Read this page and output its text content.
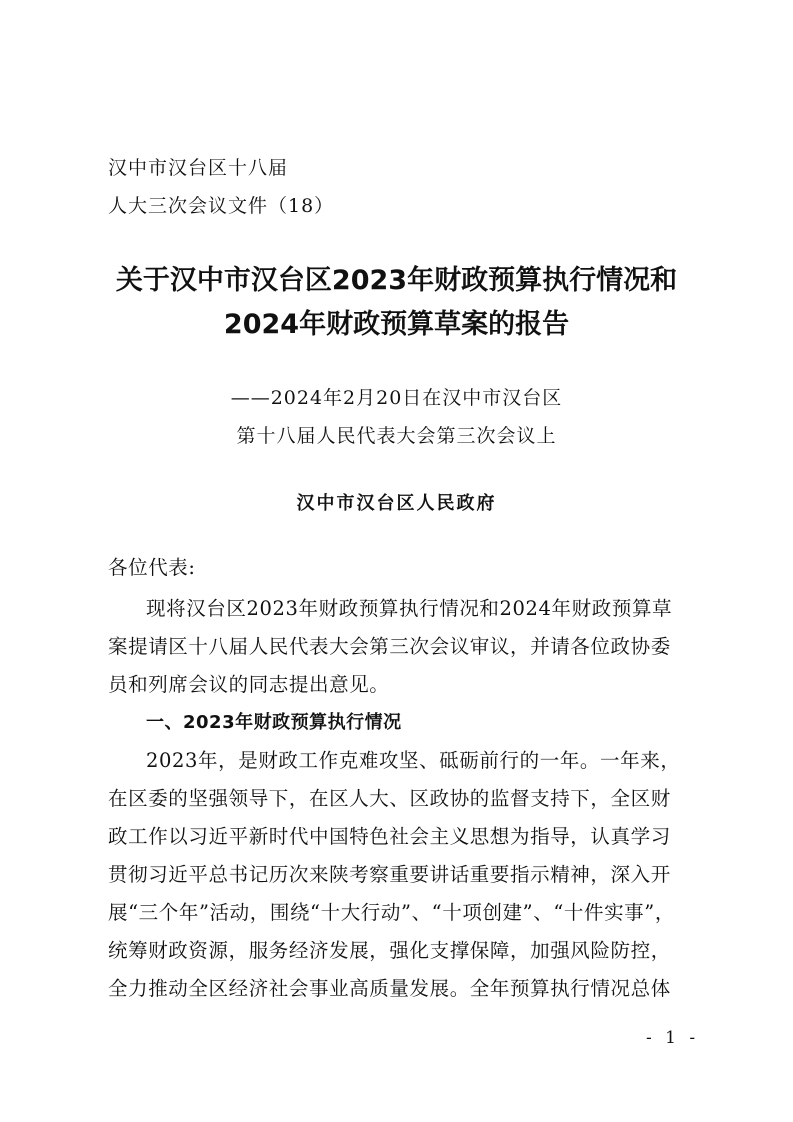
汉中市汉台区十八届
人大三次会议文件（18）
关于汉中市汉台区2023年财政预算执行情况和
2024年财政预算草案的报告
——2024年2月20日在汉中市汉台区
第十八届人民代表大会第三次会议上
汉中市汉台区人民政府
各位代表:
现将汉台区2023年财政预算执行情况和2024年财政预算草
案提请区十八届人民代表大会第三次会议审议，并请各位政协委
员和列席会议的同志提出意见。
一、2023年财政预算执行情况
2023年，是财政工作克难攻坚、砥砺前行的一年。一年来，
在区委的坚强领导下，在区人大、区政协的监督支持下，全区财
政工作以习近平新时代中国特色社会主义思想为指导，认真学习
贯彻习近平总书记历次来陕考察重要讲话重要指示精神，深入开
展“三个年”活动，围绕“十大行动”、“十项创建”、“十件实事”，
统筹财政资源，服务经济发展，强化支撑保障，加强风险防控，
全力推动全区经济社会事业高质量发展。全年预算执行情况总体
- 1 -
